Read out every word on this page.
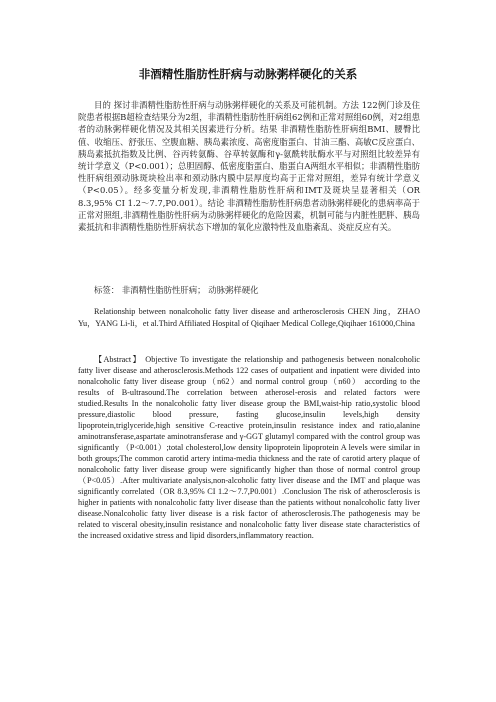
非酒精性脂肪性肝病与动脉粥样硬化的关系

目的 探讨非酒精性脂肪性肝病与动脉粥样硬化的关系及可能机制。方法 122例门诊及住院患者根据B超检查结果分为2组，非酒精性脂肪性肝病组62例和正常对照组60例，对2组患者的动脉粥样硬化情况及其相关因素进行分析。结果 非酒精性脂肪性肝病组BMI、腰臀比值、收缩压、舒张压、空腹血糖、胰岛素浓度、高密度脂蛋白、甘油三酯、高敏C反应蛋白、胰岛素抵抗指数及比例、谷丙转氨酶、谷草转氨酶和γ-氨酰转肽酶水平与对照组比较差异有统计学意义（P<0.001）；总胆固醇、低密度脂蛋白、脂蛋白A两组水平相似；非酒精性脂肪性肝病组颈动脉斑块检出率和颈动脉内膜中层厚度均高于正常对照组，差异有统计学意义（P<0.05）。经多变量分析发现,非酒精性脂肪性肝病和IMT及斑块呈显著相关（OR 8.3,95% CI 1.2～7.7,P0.001）。结论 非酒精性脂肪性肝病患者动脉粥样硬化的患病率高于正常对照组,非酒精性脂肪性肝病为动脉粥样硬化的危险因素，机制可能与内脏性肥胖、胰岛素抵抗和非酒精性脂肪性肝病状态下增加的氧化应激特性及血脂紊乱、炎症反应有关。

标签： 非酒精性脂肪性肝病； 动脉粥样硬化

Relationship between nonalcoholic fatty liver disease and artherosclerosis CHEN Jing，ZHAO Yu，YANG Li-li，et al.Third Affiliated Hospital of Qiqihaer Medical College,Qiqihaer 161000,China

【Abstract】 Objective To investigate the relationship and pathogenesis between nonalcoholic fatty liver disease and atherosclerosis.Methods 122 cases of outpatient and inpatient were divided into nonalcoholic fatty liver disease group（n62）and normal control group（n60） according to the results of B-ultrasound.The correlation between atherosel-erosis and related factors were studied.Results In the nonalcoholic fatty liver disease group the BMI,waist-hip ratio,systolic blood pressure,diastolic blood pressure, fasting glucose,insulin levels,high density lipoprotein,triglyceride,high sensitive C-reactive protein,insulin resistance index and ratio,alanine aminotransferase,aspartate aminotransferase and γ-GGT glutamyl compared with the control group was significantly （P<0.001）;total cholesterol,low density lipoprotein lipoprotein A levels were similar in both groups;The common carotid artery intima-media thickness and the rate of carotid artery plaque of nonalcoholic fatty liver disease group were significantly higher than those of normal control group（P<0.05）.After multivariate analysis,non-alcoholic fatty liver disease and the IMT and plaque was significantly correlated（OR 8.3,95% CI 1.2～7.7,P0.001）.Conclusion The risk of atherosclerosis is higher in patients with nonalcoholic fatty liver disease than the patients without nonalcoholic fatty liver disease.Nonalcoholic fatty liver disease is a risk factor of atherosclerosis.The pathogenesis may be related to visceral obesity,insulin resistance and nonalcoholic fatty liver disease state characteristics of the increased oxidative stress and lipid disorders,inflammatory reaction.
